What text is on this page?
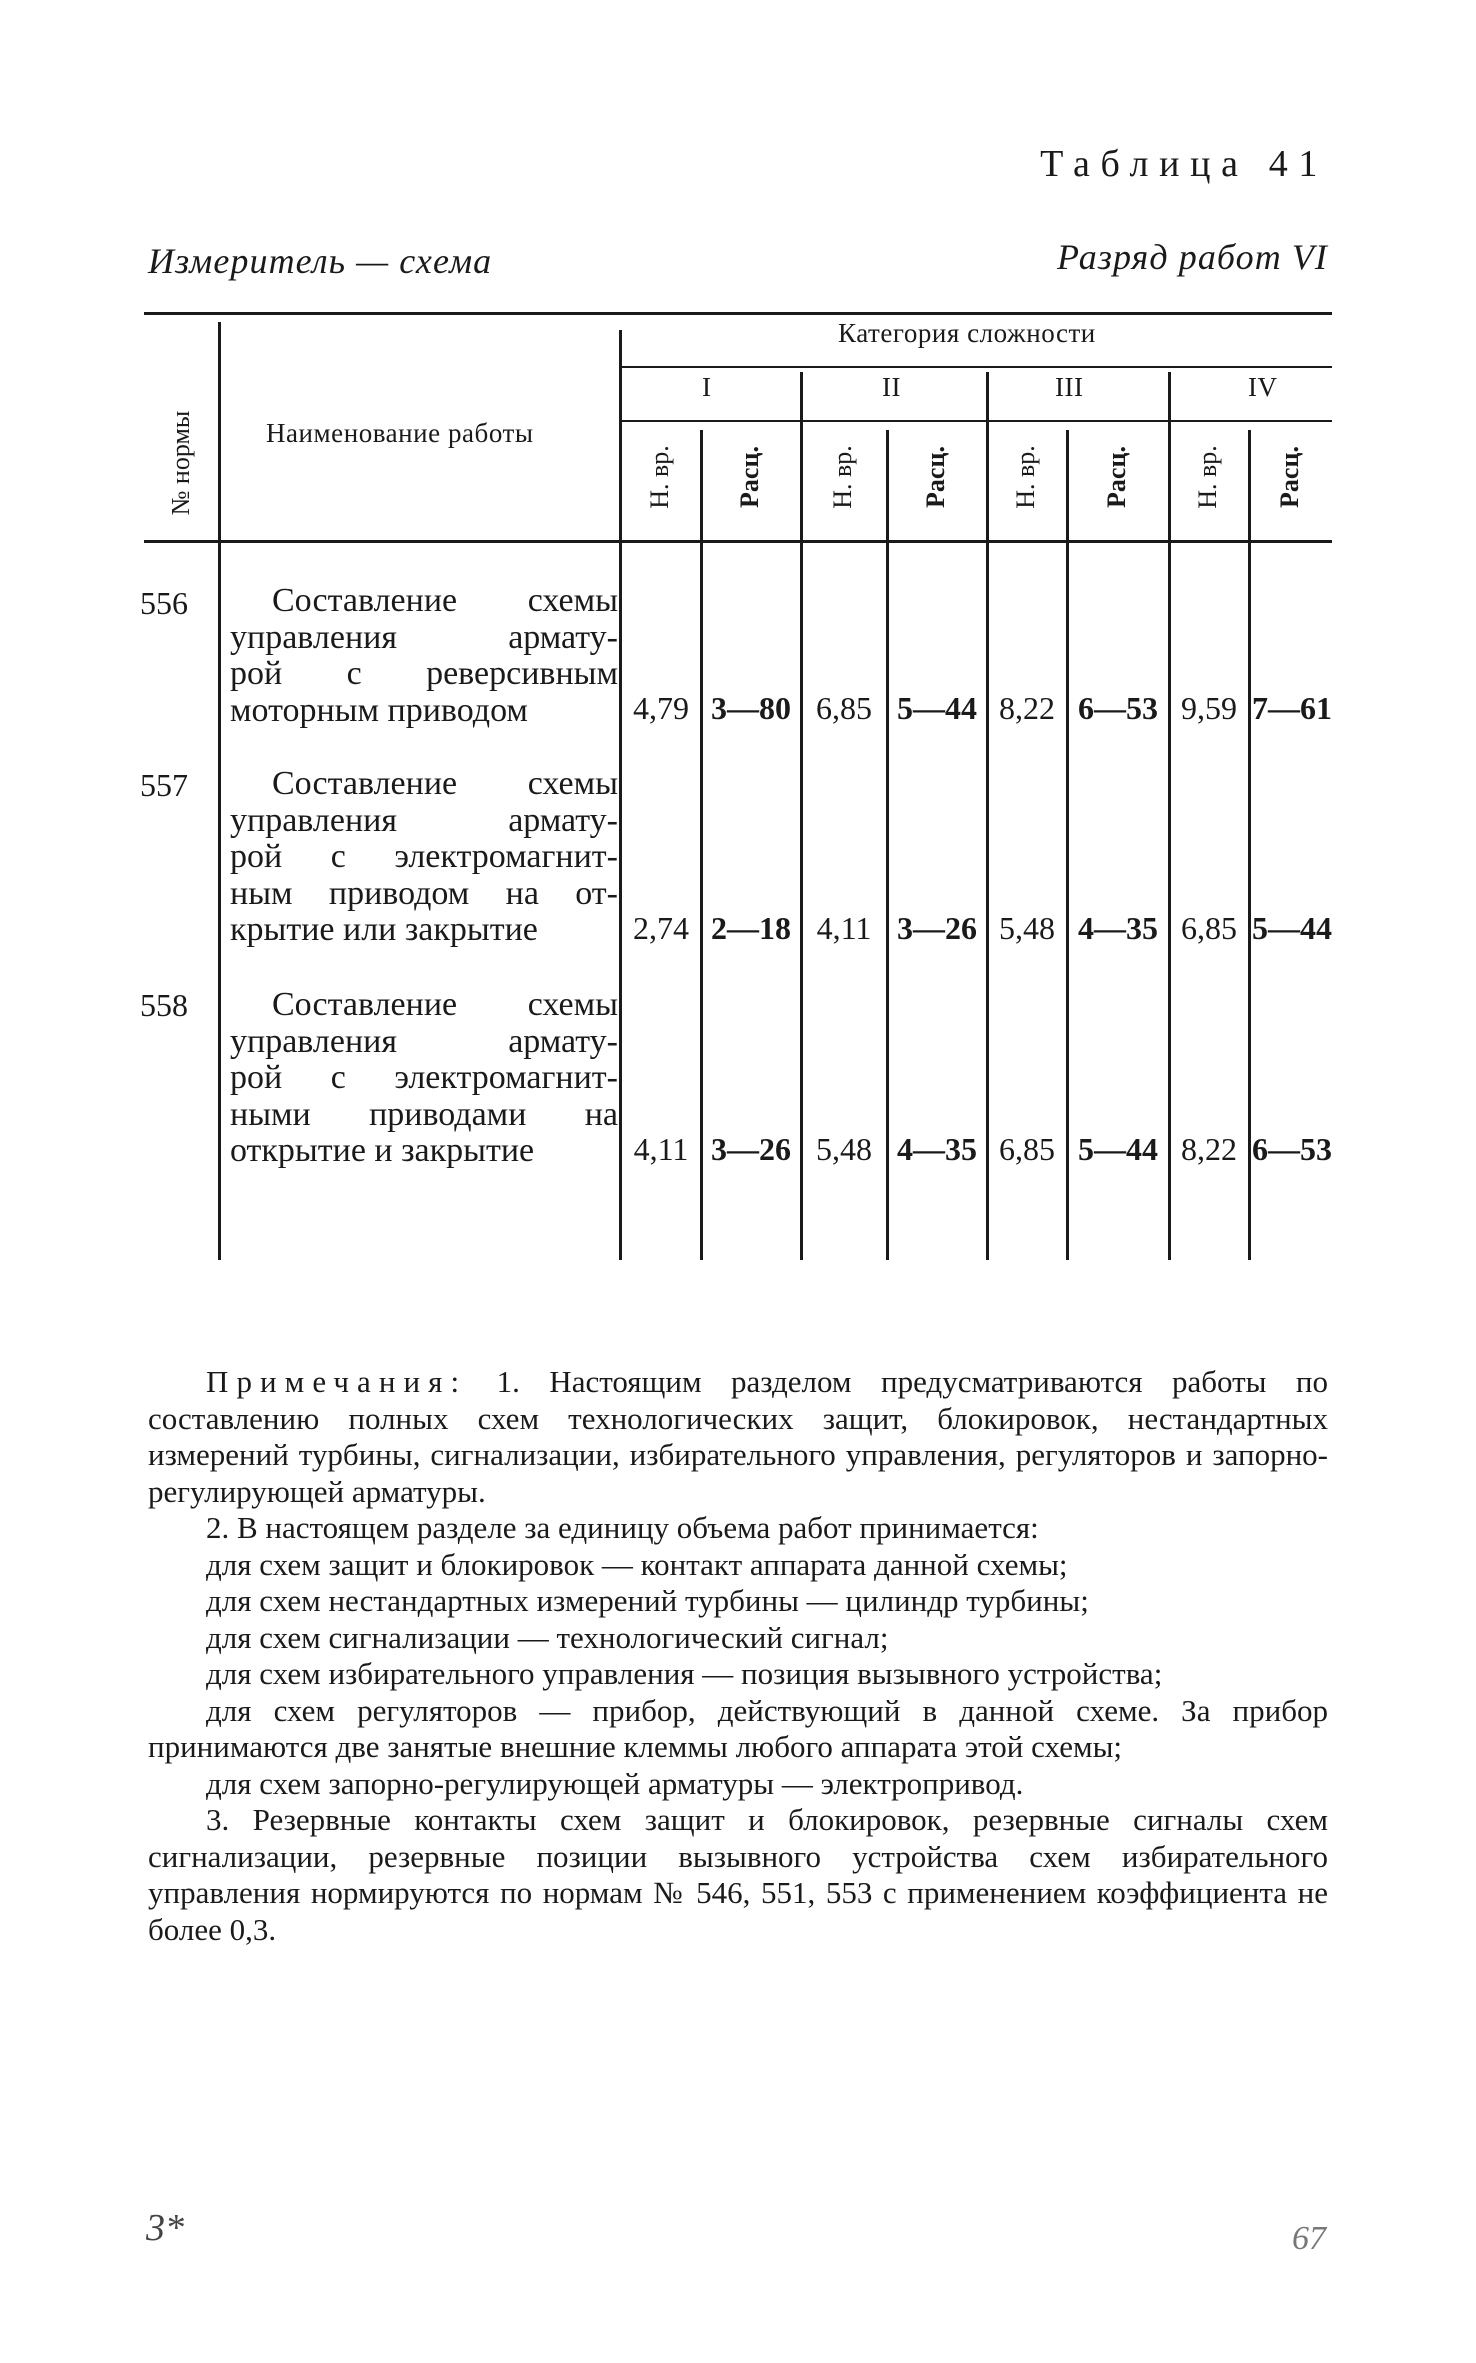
Таблица 41
Измеритель — схема	Разряд работ VI
№ нормы	Наименование работы
Категория сложности
I	II	III	IV
Н. вр. Расц. Н. вр. Расц. Н. вр. Расц. Н. вр. Расц.
556	Составление схемы
управления армату-
рой с реверсивным
моторным приводом	4,79 3—80 6,85 5—44 8,22 6—53 9,59 7—61
557	Составление схемы
управления армату-
рой с электромагнит-
ным приводом на от-
крытие или закрытие	2,74 2—18 4,11 3—26 5,48 4—35 6,85 5—44
558	Составление схемы
управления армату-
рой с электромагнит-
ными приводами на
открытие и закрытие	4,11 3—26 5,48 4—35 6,85 5—44 8,22 6—53

Примечания: 1. Настоящим разделом предусматриваются работы по составлению полных схем технологических защит, блокировок, нестандартных измерений турбины, сигнализации, избирательного управления, регуляторов и запорно-регулирующей арматуры.

2. В настоящем разделе за единицу объема работ принимается:

для схем защит и блокировок — контакт аппарата данной схемы;

для схем нестандартных измерений турбины — цилиндр турбины;

для схем сигнализации — технологический сигнал;

для схем избирательного управления — позиция вызывного устройства;

для схем регуляторов — прибор, действующий в данной схеме. За прибор принимаются две занятые внешние клеммы любого аппарата этой схемы;

для схем запорно-регулирующей арматуры — электропривод.

3. Резервные контакты схем защит и блокировок, резервные сигналы схем сигнализации, резервные позиции вызывного устройства схем избирательного управления нормируются по нормам № 546, 551, 553 с применением коэффициента не более 0,3.

3*	67
